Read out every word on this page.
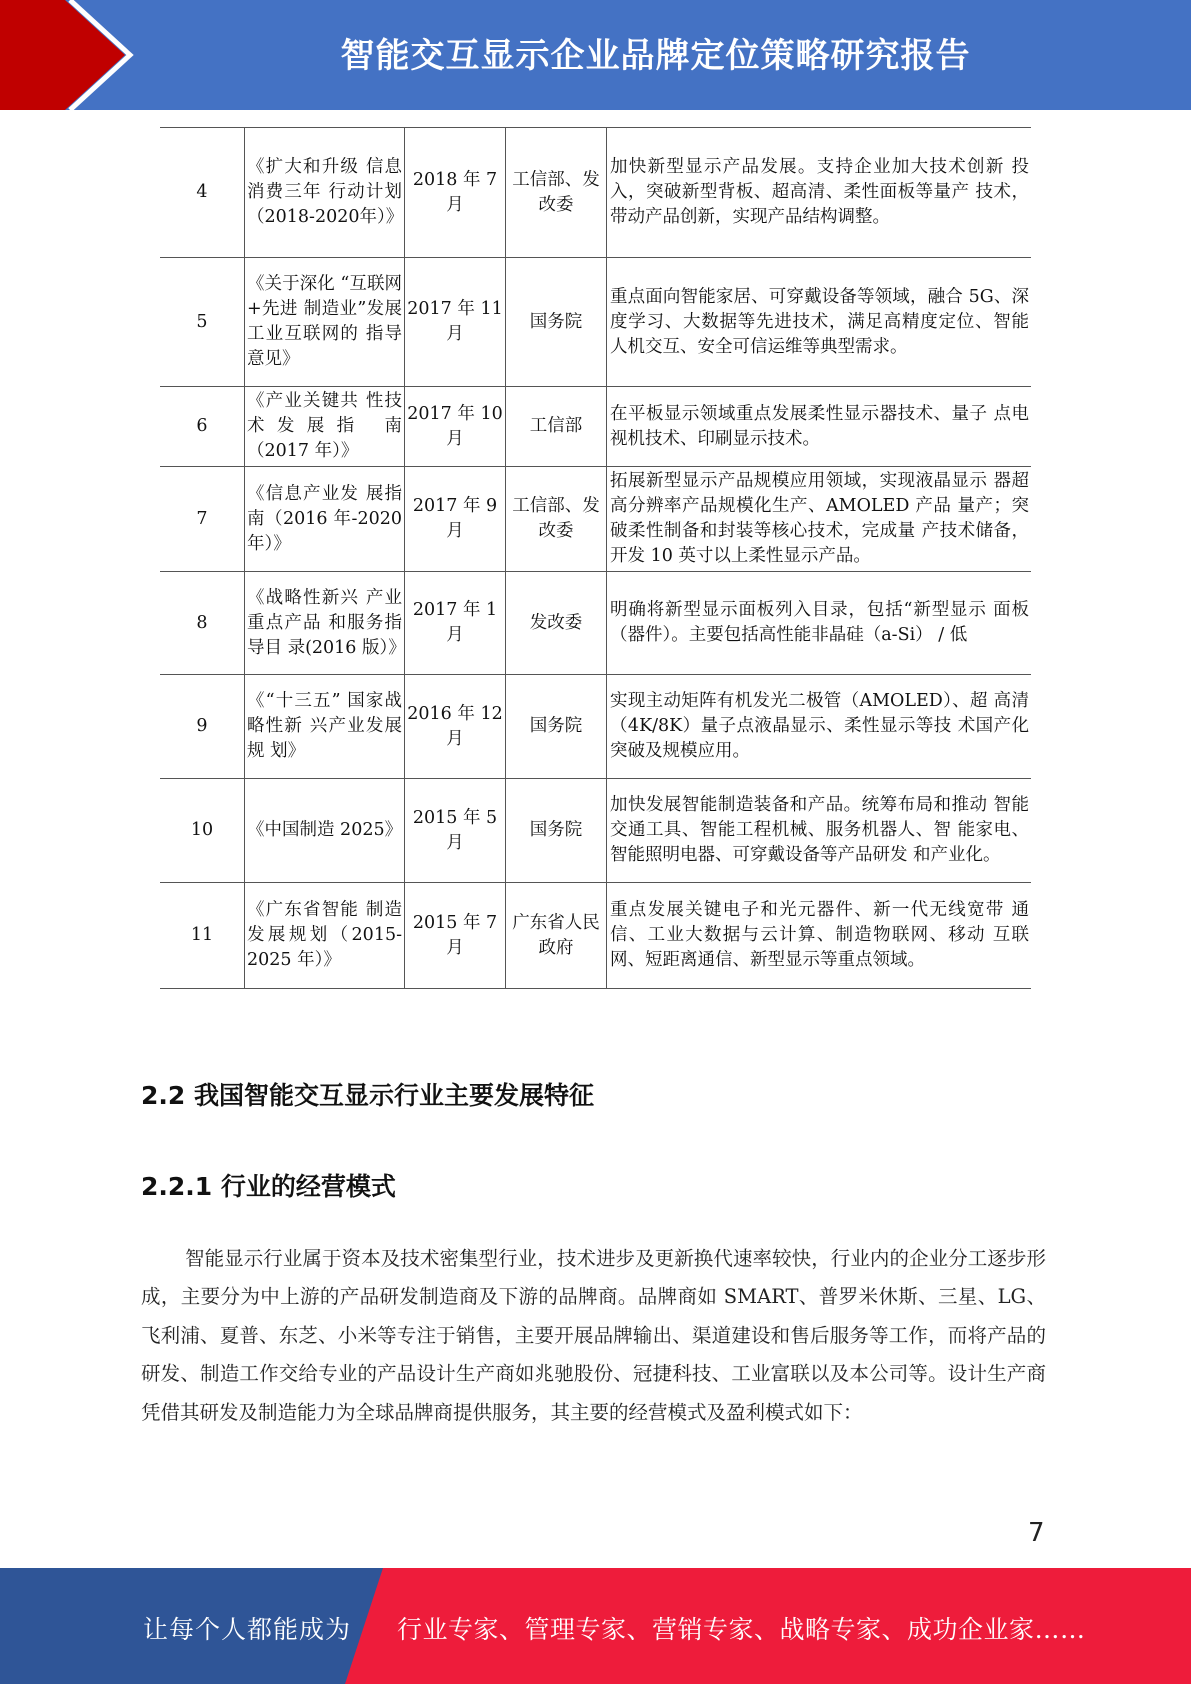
智能交互显示企业品牌定位策略研究报告
4	《扩大和升级 信息消费三年 行动计划（2018-2020年）》	2018 年 7 月	工信部、发改委	加快新型显示产品发展。支持企业加大技术创新 投入，突破新型背板、超高清、柔性面板等量产 技术，带动产品创新，实现产品结构调整。
5	《关于深化 “互联网+先进 制造业”发展 工业互联网的 指导意见》	2017 年 11 月	国务院	重点面向智能家居、可穿戴设备等领域，融合 5G、深度学习、大数据等先进技术，满足高精度定位、智能人机交互、安全可信运维等典型需求。
6	《产业关键共 性技术发展指 南（2017 年）》	2017 年 10 月	工信部	在平板显示领域重点发展柔性显示器技术、量子 点电视机技术、印刷显示技术。
7	《信息产业发 展指南（2016 年-2020 年）》	2017 年 9 月	工信部、发改委	拓展新型显示产品规模应用领域，实现液晶显示 器超高分辨率产品规模化生产、AMOLED 产品 量产；突破柔性制备和封装等核心技术，完成量 产技术储备，开发 10 英寸以上柔性显示产品。
8	《战略性新兴 产业重点产品 和服务指导目 录(2016 版）》	2017 年 1 月	发改委	明确将新型显示面板列入目录，包括“新型显示 面板（器件）。主要包括高性能非晶硅（a-Si） / 低
9	《“十三五” 国家战略性新 兴产业发展规 划》	2016 年 12 月	国务院	实现主动矩阵有机发光二极管（AMOLED）、超 高清（4K/8K）量子点液晶显示、柔性显示等技 术国产化突破及规模应用。
10	《中国制造 2025》	2015 年 5 月	国务院	加快发展智能制造装备和产品。统筹布局和推动 智能交通工具、智能工程机械、服务机器人、智 能家电、智能照明电器、可穿戴设备等产品研发 和产业化。
11	《广东省智能 制造发展规划（2015-2025 年）》	2015 年 7 月	广东省人民政府	重点发展关键电子和光元器件、新一代无线宽带 通信、工业大数据与云计算、制造物联网、移动 互联网、短距离通信、新型显示等重点领域。
2.2 我国智能交互显示行业主要发展特征
2.2.1 行业的经营模式
智能显示行业属于资本及技术密集型行业，技术进步及更新换代速率较快，行业内的企业分工逐步形成，主要分为中上游的产品研发制造商及下游的品牌商。品牌商如 SMART、普罗米休斯、三星、LG、飞利浦、夏普、东芝、小米等专注于销售，主要开展品牌输出、渠道建设和售后服务等工作，而将产品的研发、制造工作交给专业的产品设计生产商如兆驰股份、冠捷科技、工业富联以及本公司等。设计生产商凭借其研发及制造能力为全球品牌商提供服务，其主要的经营模式及盈利模式如下：
7
让每个人都能成为 行业专家、管理专家、营销专家、战略专家、成功企业家……
